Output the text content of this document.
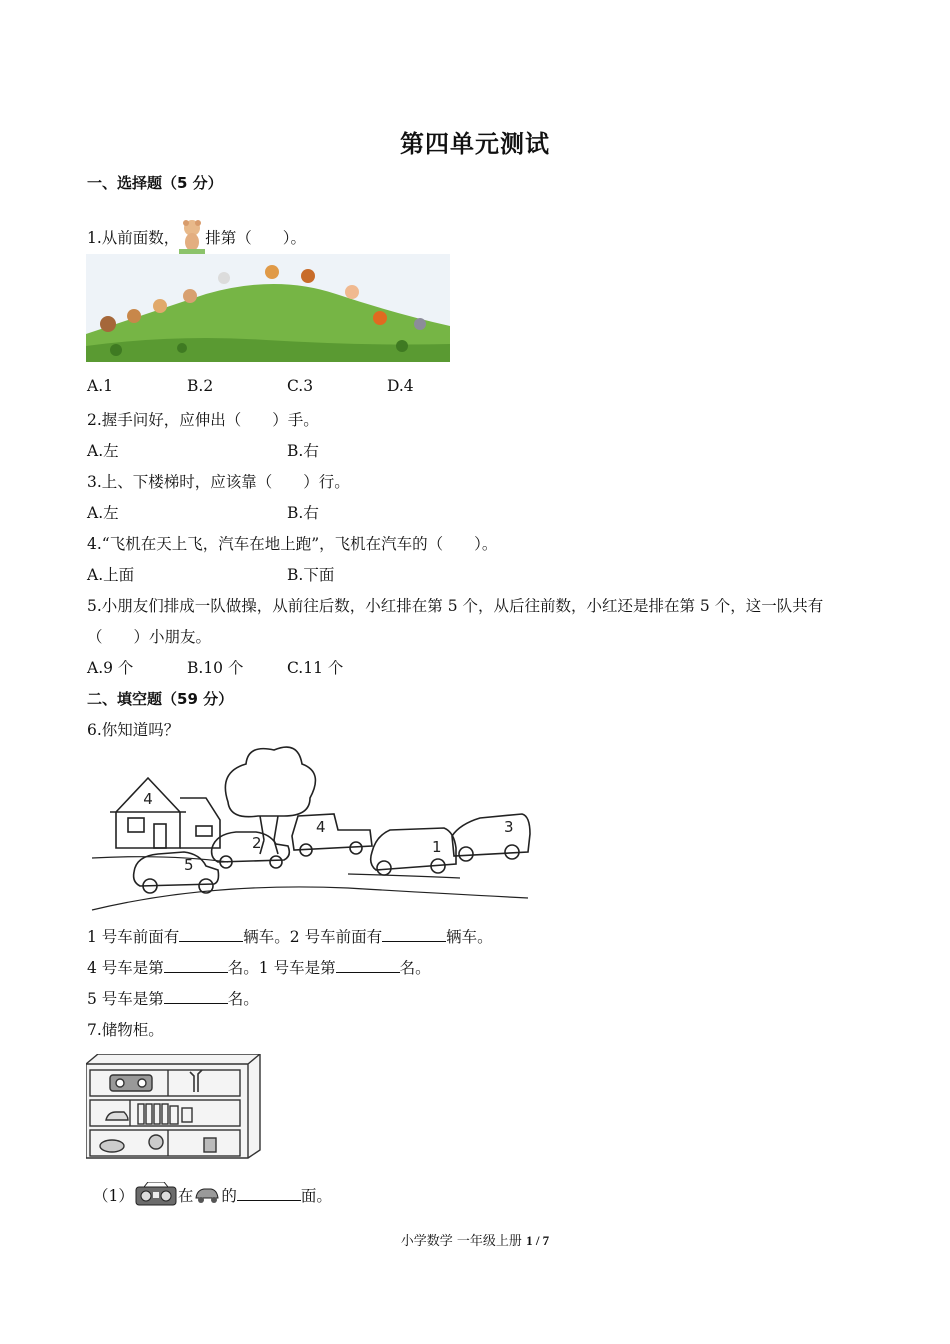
第四单元测试
一、选择题（5 分）
1.从前面数， 排第（　　）。
A.1	B.2	C.3	D.4
2.握手问好，应伸出（　　）手。
A.左	B.右
3.上、下楼梯时，应该靠（　　）行。
A.左	B.右
4.“飞机在天上飞，汽车在地上跑”，飞机在汽车的（　　）。
A.上面	B.下面
5.小朋友们排成一队做操，从前往后数，小红排在第 5 个，从后往前数，小红还是排在第 5 个，这一队共有
（　　）小朋友。
A.9 个	B.10 个	C.11 个
二、填空题（59 分）
6.你知道吗？
4
5
2
4
1
3
1 号车前面有	辆车。2 号车前面有	辆车。
4 号车是第	名。1 号车是第	名。
5 号车是第	名。
7.储物柜。
（1）	在 的	面。
小学数学 一年级上册 1 / 7
